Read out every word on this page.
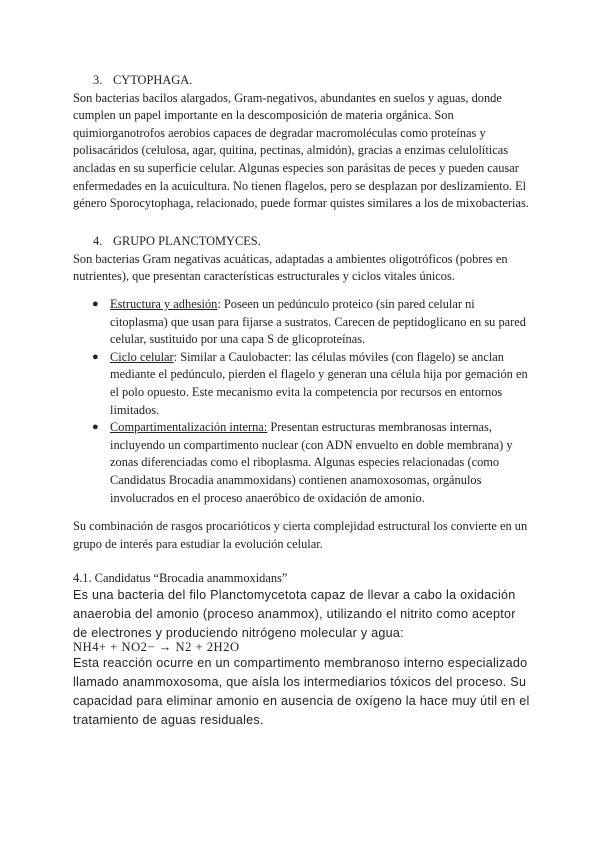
3. CYTOPHAGA.

Son bacterias bacilos alargados, Gram-negativos, abundantes en suelos y aguas, donde cumplen un papel importante en la descomposición de materia orgánica. Son quimiorganotrofos aerobios capaces de degradar macromoléculas como proteínas y polisacáridos (celulosa, agar, quitina, pectinas, almidón), gracias a enzimas celulolíticas ancladas en su superficie celular. Algunas especies son parásitas de peces y pueden causar enfermedades en la acuicultura. No tienen flagelos, pero se desplazan por deslizamiento. El género Sporocytophaga, relacionado, puede formar quistes similares a los de mixobacterias.

4. GRUPO PLANCTOMYCES.

Son bacterias Gram negativas acuáticas, adaptadas a ambientes oligotróficos (pobres en nutrientes), que presentan características estructurales y ciclos vitales únicos.

● Estructura y adhesión: Poseen un pedúnculo proteico (sin pared celular ni citoplasma) que usan para fijarse a sustratos. Carecen de peptidoglicano en su pared celular, sustituido por una capa S de glicoproteínas.
● Ciclo celular: Similar a Caulobacter: las células móviles (con flagelo) se anclan mediante el pedúnculo, pierden el flagelo y generan una célula hija por gemación en el polo opuesto. Este mecanismo evita la competencia por recursos en entornos limitados.
● Compartimentalización interna: Presentan estructuras membranosas internas, incluyendo un compartimento nuclear (con ADN envuelto en doble membrana) y zonas diferenciadas como el riboplasma. Algunas especies relacionadas (como Candidatus Brocadia anammoxidans) contienen anamoxosomas, orgánulos involucrados en el proceso anaeróbico de oxidación de amonio.

Su combinación de rasgos procarióticos y cierta complejidad estructural los convierte en un grupo de interés para estudiar la evolución celular.

4.1. Candidatus “Brocadia anammoxidans”

Es una bacteria del filo Planctomycetota capaz de llevar a cabo la oxidación anaerobia del amonio (proceso anammox), utilizando el nitrito como aceptor de electrones y produciendo nitrógeno molecular y agua:

NH4+ + NO2− → N2 + 2H2O

Esta reacción ocurre en un compartimento membranoso interno especializado llamado anammoxosoma, que aísla los intermediarios tóxicos del proceso. Su capacidad para eliminar amonio en ausencia de oxígeno la hace muy útil en el tratamiento de aguas residuales.
